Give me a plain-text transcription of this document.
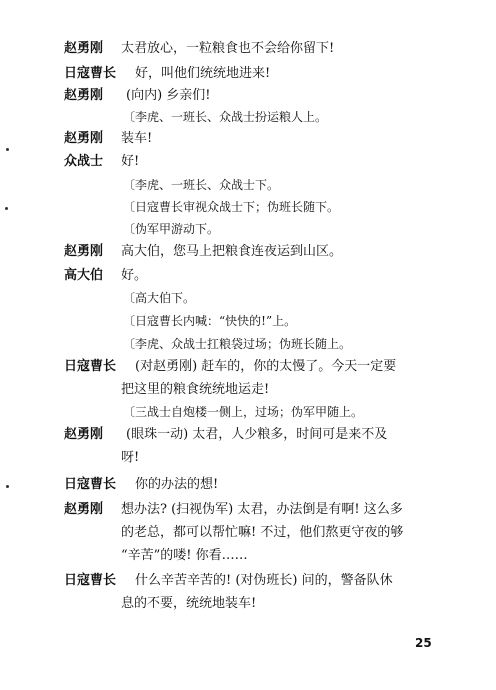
赵勇刚 太君放心，一粒粮食也不会给你留下!
日寇曹长 好，叫他们统统地进来!
赵勇刚 (向内) 乡亲们!
〔李虎、一班长、众战士扮运粮人上。
赵勇刚 装车!
众战士 好!
〔李虎、一班长、众战士下。
〔日寇曹长审视众战士下；伪班长随下。
〔伪军甲游动下。
赵勇刚 高大伯，您马上把粮食连夜运到山区。
高大伯 好。
〔高大伯下。
〔日寇曹长内喊：“快快的!”上。
〔李虎、众战士扛粮袋过场；伪班长随上。
日寇曹长 (对赵勇刚) 赶车的，你的太慢了。今天一定要
把这里的粮食统统地运走!
〔三战士自炮楼一侧上，过场；伪军甲随上。
赵勇刚 (眼珠一动) 太君，人少粮多，时间可是来不及
呀!
日寇曹长 你的办法的想!
赵勇刚 想办法? (扫视伪军) 太君，办法倒是有啊! 这么多
的老总，都可以帮忙嘛! 不过，他们熬更守夜的够
“辛苦”的喽! 你看……
日寇曹长 什么辛苦辛苦的! (对伪班长) 问的，警备队休
息的不要，统统地装车!
25
